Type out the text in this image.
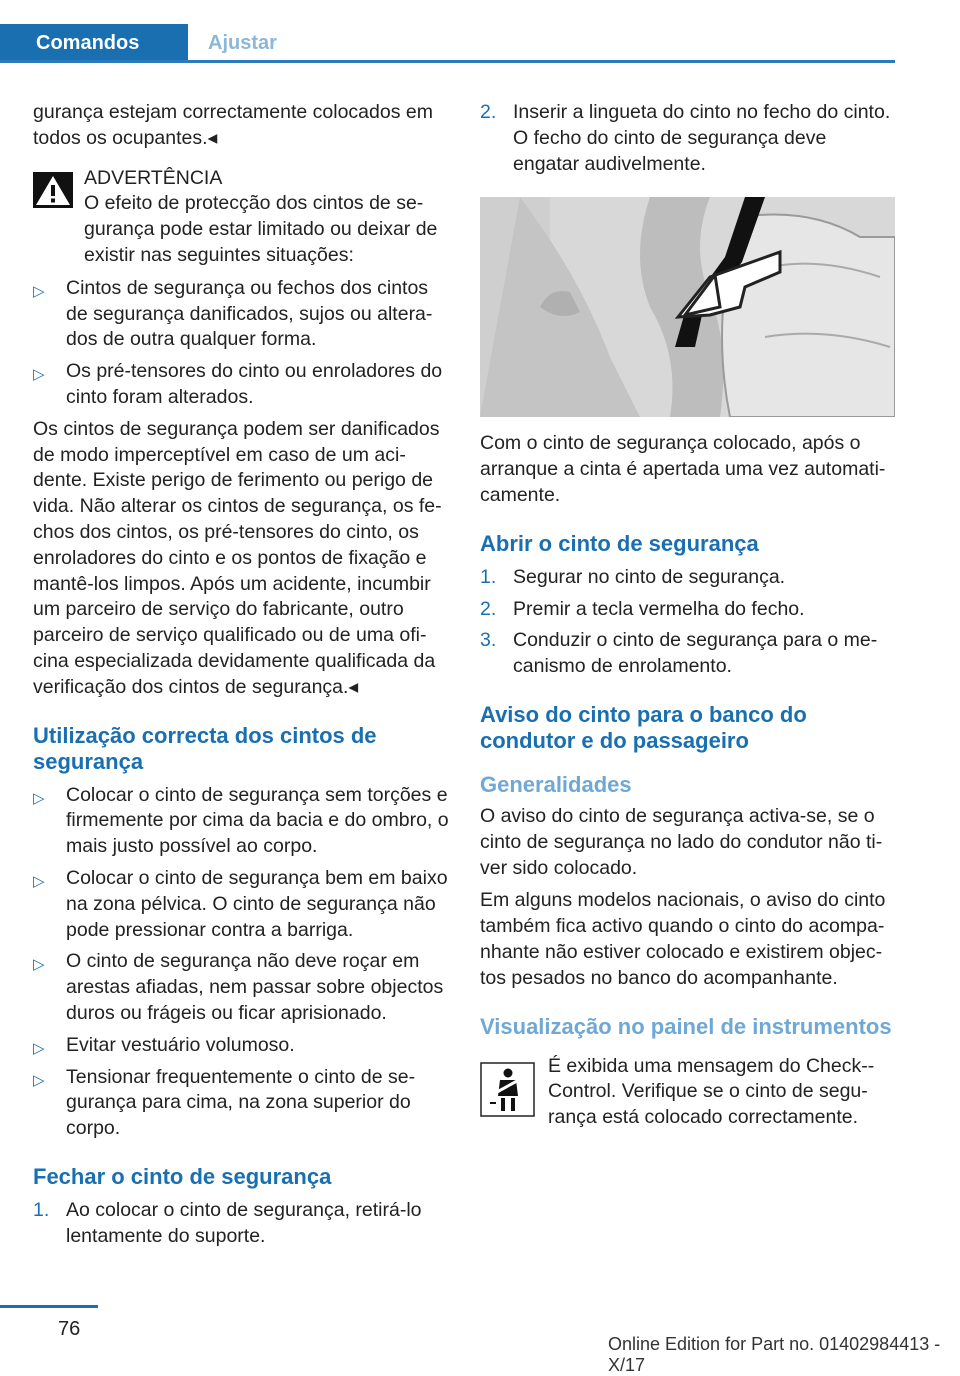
Comandos	Ajustar

gurança estejam correctamente colocados em todos os ocupantes.◂

ADVERTÊNCIA

O efeito de protecção dos cintos de segurança pode estar limitado ou deixar de existir nas seguintes situações:

▷ Cintos de segurança ou fechos dos cintos de segurança danificados, sujos ou alterados de outra qualquer forma.
▷ Os pré-tensores do cinto ou enroladores do cinto foram alterados.

Os cintos de segurança podem ser danificados de modo imperceptível em caso de um acidente. Existe perigo de ferimento ou perigo de vida. Não alterar os cintos de segurança, os fechos dos cintos, os pré-tensores do cinto, os enroladores do cinto e os pontos de fixação e mantê-los limpos. Após um acidente, incumbir um parceiro de serviço do fabricante, outro parceiro de serviço qualificado ou de uma oficina especializada devidamente qualificada da verificação dos cintos de segurança.◂

Utilização correcta dos cintos de segurança
▷ Colocar o cinto de segurança sem torções e firmemente por cima da bacia e do ombro, o mais justo possível ao corpo.
▷ Colocar o cinto de segurança bem em baixo na zona pélvica. O cinto de segurança não pode pressionar contra a barriga.
▷ O cinto de segurança não deve roçar em arestas afiadas, nem passar sobre objectos duros ou frágeis ou ficar aprisionado.
▷ Evitar vestuário volumoso.
▷ Tensionar frequentemente o cinto de segurança para cima, na zona superior do corpo.
Fechar o cinto de segurança
1. Ao colocar o cinto de segurança, retirá-lo lentamente do suporte.
2. Inserir a lingueta do cinto no fecho do cinto. O fecho do cinto de segurança deve engatar audivelmente.

Com o cinto de segurança colocado, após o arranque a cinta é apertada uma vez automaticamente.

Abrir o cinto de segurança
1. Segurar no cinto de segurança.
2. Premir a tecla vermelha do fecho.
3. Conduzir o cinto de segurança para o mecanismo de enrolamento.
Aviso do cinto para o banco do condutor e do passageiro
Generalidades

O aviso do cinto de segurança activa-se, se o cinto de segurança no lado do condutor não tiver sido colocado.

Em alguns modelos nacionais, o aviso do cinto também fica activo quando o cinto do acompanhante não estiver colocado e existirem objectos pesados no banco do acompanhante.

Visualização no painel de instrumentos

É exibida uma mensagem do Check-Control. Verifique se o cinto de segurança está colocado correctamente.

76
Online Edition for Part no. 01402984413 - X/17
